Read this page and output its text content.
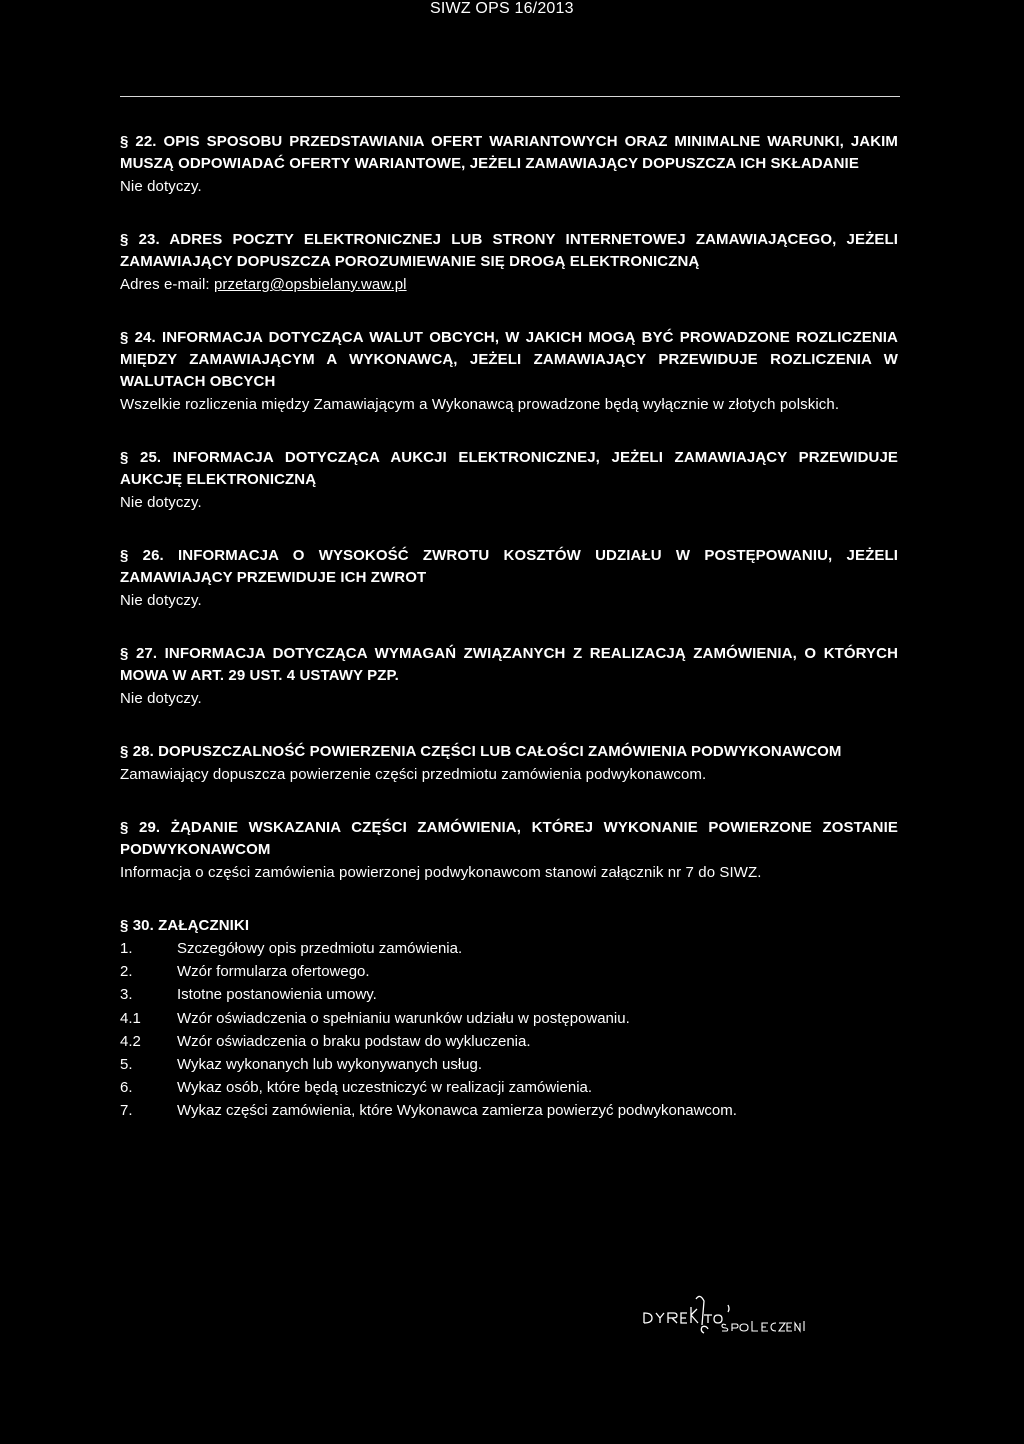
SIWZ OPS 16/2013

§ 22. OPIS SPOSOBU PRZEDSTAWIANIA OFERT WARIANTOWYCH ORAZ MINIMALNE WARUNKI, JAKIM MUSZĄ ODPOWIADAĆ OFERTY WARIANTOWE, JEŻELI ZAMAWIAJĄCY DOPUSZCZA ICH SKŁADANIE

Nie dotyczy.

§ 23. ADRES POCZTY ELEKTRONICZNEJ LUB STRONY INTERNETOWEJ ZAMAWIAJĄCEGO, JEŻELI ZAMAWIAJĄCY DOPUSZCZA POROZUMIEWANIE SIĘ DROGĄ ELEKTRONICZNĄ

Adres e-mail: przetarg@opsbielany.waw.pl

§ 24. INFORMACJA DOTYCZĄCA WALUT OBCYCH, W JAKICH MOGĄ BYĆ PROWADZONE ROZLICZENIA MIĘDZY ZAMAWIAJĄCYM A WYKONAWCĄ, JEŻELI ZAMAWIAJĄCY PRZEWIDUJE ROZLICZENIA W WALUTACH OBCYCH

Wszelkie rozliczenia między Zamawiającym a Wykonawcą prowadzone będą wyłącznie w złotych polskich.

§ 25. INFORMACJA DOTYCZĄCA AUKCJI ELEKTRONICZNEJ, JEŻELI ZAMAWIAJĄCY PRZEWIDUJE AUKCJĘ ELEKTRONICZNĄ

Nie dotyczy.

§ 26. INFORMACJA O WYSOKOŚĆ ZWROTU KOSZTÓW UDZIAŁU W POSTĘPOWANIU, JEŻELI ZAMAWIAJĄCY PRZEWIDUJE ICH ZWROT

Nie dotyczy.

§ 27. INFORMACJA DOTYCZĄCA WYMAGAŃ ZWIĄZANYCH Z REALIZACJĄ ZAMÓWIENIA, O KTÓRYCH MOWA W ART. 29 UST. 4 USTAWY PZP.

Nie dotyczy.

§ 28. DOPUSZCZALNOŚĆ POWIERZENIA CZĘŚCI LUB CAŁOŚCI ZAMÓWIENIA PODWYKONAWCOM

Zamawiający dopuszcza powierzenie części przedmiotu zamówienia podwykonawcom.

§ 29. ŻĄDANIE WSKAZANIA CZĘŚCI ZAMÓWIENIA, KTÓREJ WYKONANIE POWIERZONE ZOSTANIE PODWYKONAWCOM

Informacja o części zamówienia powierzonej podwykonawcom stanowi załącznik nr 7 do SIWZ.

§ 30. ZAŁĄCZNIKI

1.	Szczegółowy opis przedmiotu zamówienia.
2.	Wzór formularza ofertowego.
3.	Istotne postanowienia umowy.
4.1	Wzór oświadczenia o spełnianiu warunków udziału w postępowaniu.
4.2	Wzór oświadczenia o braku podstaw do wykluczenia.
5.	Wykaz wykonanych lub wykonywanych usług.
6.	Wykaz osób, które będą uczestniczyć w realizacji zamówienia.
7.	Wykaz części zamówienia, które Wykonawca zamierza powierzyć podwykonawcom.
